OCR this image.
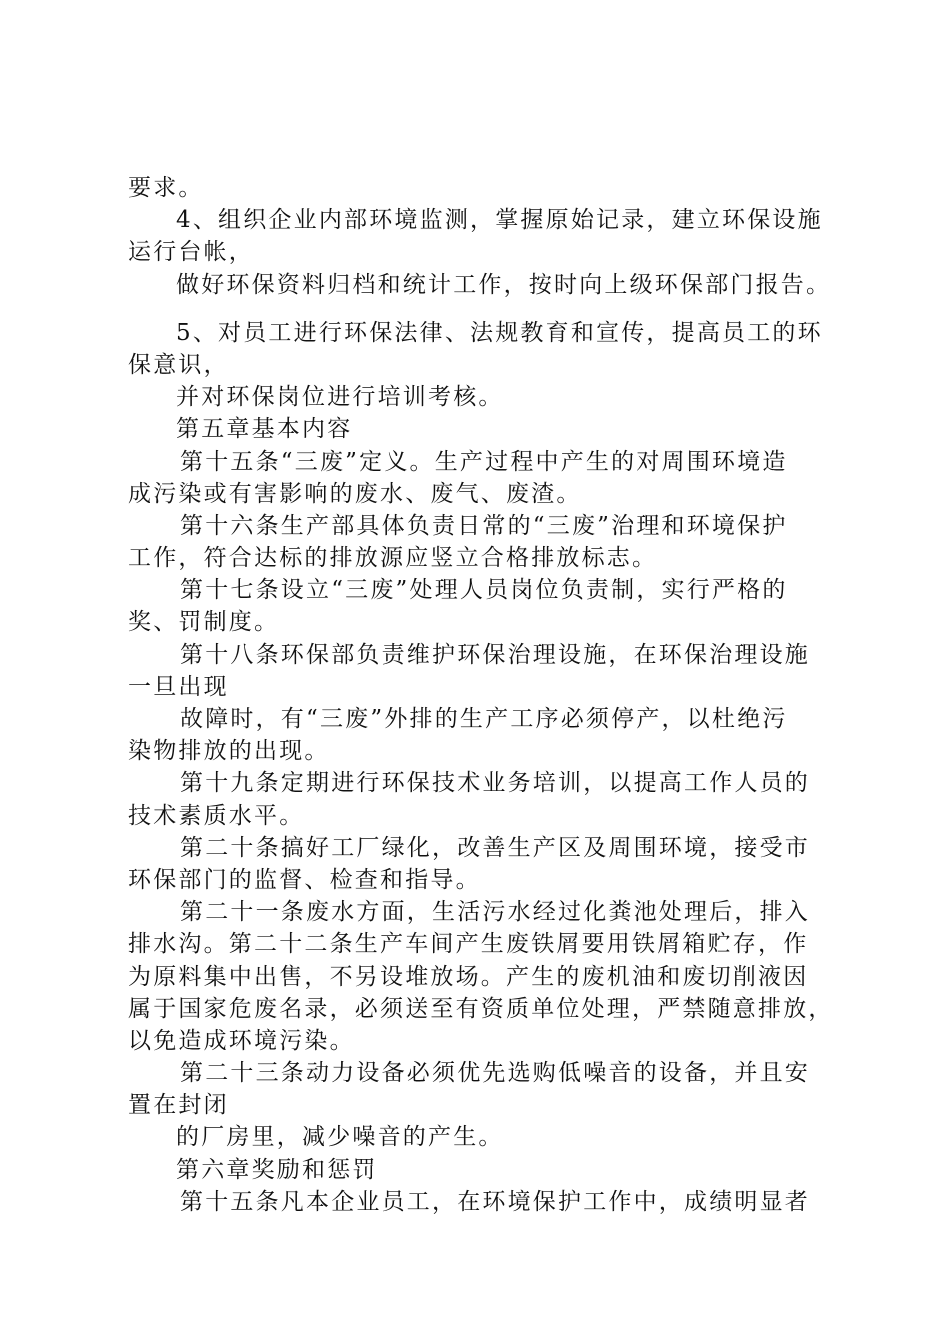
要求。
4、组织企业内部环境监测，掌握原始记录，建立环保设施
运行台帐，
做好环保资料归档和统计工作，按时向上级环保部门报告。
5、对员工进行环保法律、法规教育和宣传，提高员工的环
保意识，
并对环保岗位进行培训考核。
第五章基本内容
第十五条“三废”定义。生产过程中产生的对周围环境造
成污染或有害影响的废水、废气、废渣。
第十六条生产部具体负责日常的“三废”治理和环境保护
工作，符合达标的排放源应竖立合格排放标志。
第十七条设立“三废”处理人员岗位负责制，实行严格的
奖、罚制度。
第十八条环保部负责维护环保治理设施，在环保治理设施
一旦出现
故障时，有“三废”外排的生产工序必须停产，以杜绝污
染物排放的出现。
第十九条定期进行环保技术业务培训，以提高工作人员的
技术素质水平。
第二十条搞好工厂绿化，改善生产区及周围环境，接受市
环保部门的监督、检查和指导。
第二十一条废水方面，生活污水经过化粪池处理后，排入
排水沟。第二十二条生产车间产生废铁屑要用铁屑箱贮存，作
为原料集中出售，不另设堆放场。产生的废机油和废切削液因
属于国家危废名录，必须送至有资质单位处理，严禁随意排放，
以免造成环境污染。
第二十三条动力设备必须优先选购低噪音的设备，并且安
置在封闭
的厂房里，减少噪音的产生。
第六章奖励和惩罚
第十五条凡本企业员工，在环境保护工作中，成绩明显者
